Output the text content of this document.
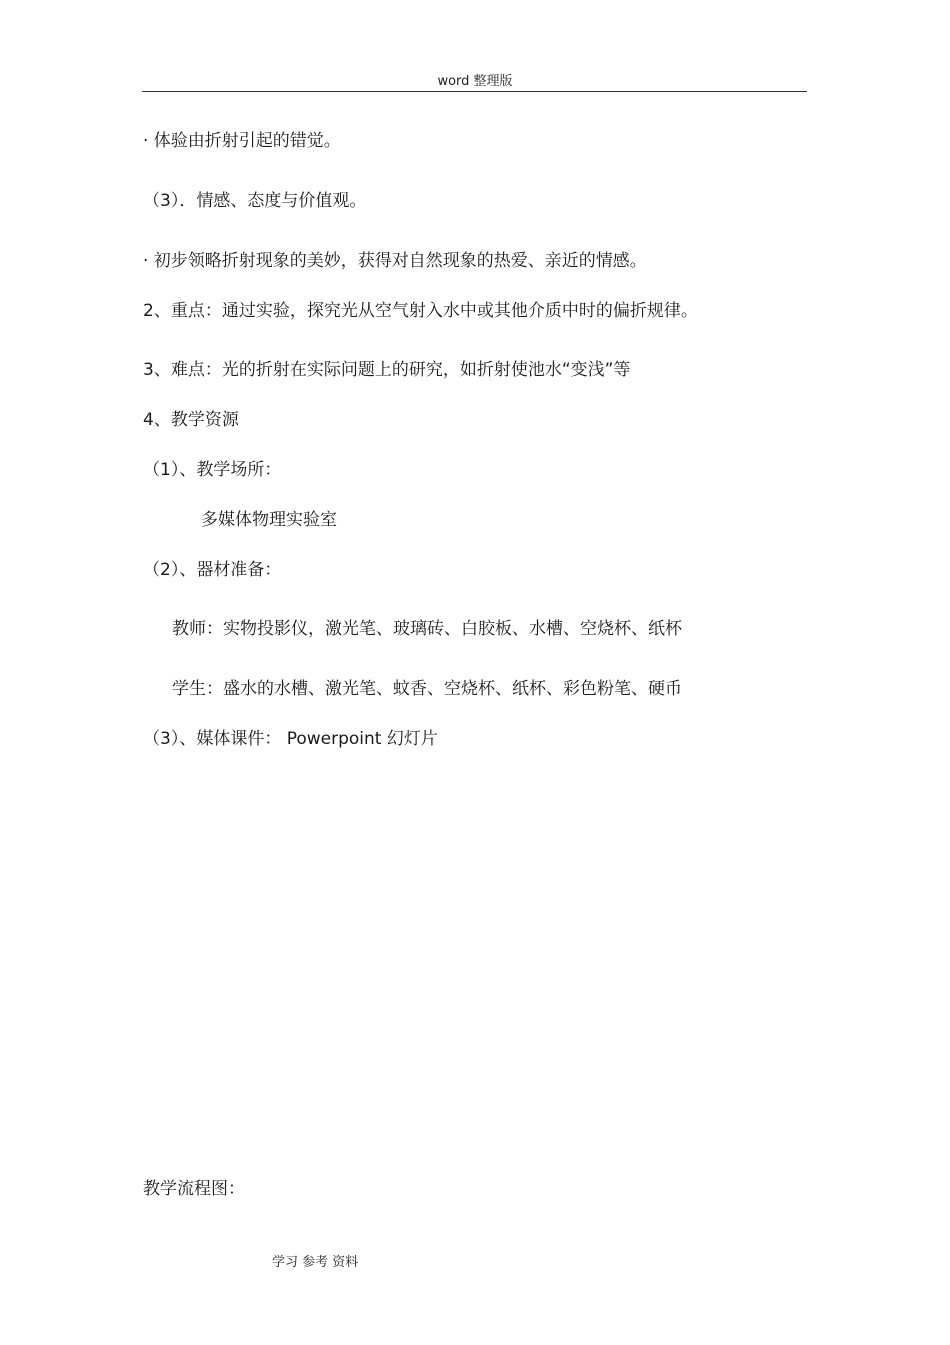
word 整理版
· 体验由折射引起的错觉。
（3）．情感、态度与价值观。
· 初步领略折射现象的美妙，获得对自然现象的热爱、亲近的情感。
2、重点：通过实验，探究光从空气射入水中或其他介质中时的偏折规律。
3、难点：光的折射在实际问题上的研究，如折射使池水“变浅”等
4、教学资源
（1）、教学场所：
多媒体物理实验室
（2）、器材准备：
教师：实物投影仪，激光笔、玻璃砖、白胶板、水槽、空烧杯、纸杯
学生：盛水的水槽、激光笔、蚊香、空烧杯、纸杯、彩色粉笔、硬币
（3）、媒体课件： Powerpoint 幻灯片
教学流程图：
学习 参考 资料
